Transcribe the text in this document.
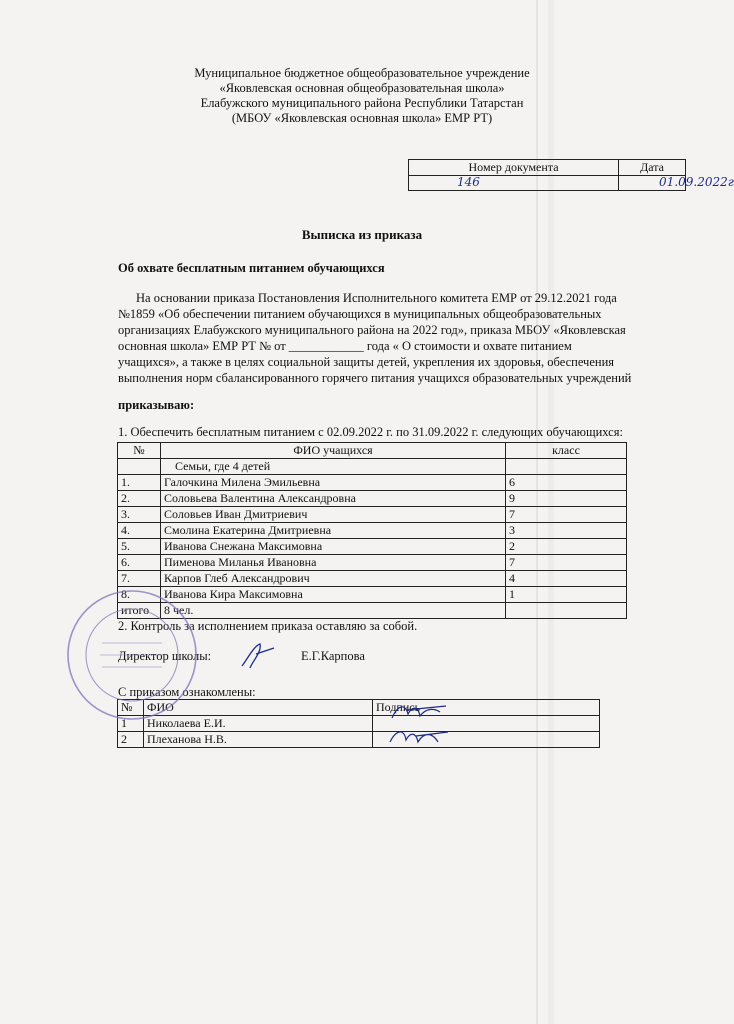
Муниципальное бюджетное общеобразовательное учреждение
«Яковлевская основная общеобразовательная школа»
Елабужского муниципального района Республики Татарстан
(МБОУ «Яковлевская основная школа» ЕМР РТ)
Номер документа	Дата

146	01.09.2022г
Выписка из приказа
Об охвате бесплатным питанием обучающихся
На основании приказа Постановления Исполнительного комитета ЕМР от 29.12.2021 года
№1859 «Об обеспечении питанием обучающихся в муниципальных общеобразовательных
организациях Елабужского муниципального района на 2022 год», приказа МБОУ «Яковлевская
основная школа» ЕМР РТ № от ____________ года « О стоимости и охвате питанием
учащихся», а также в целях социальной защиты детей, укрепления их здоровья, обеспечения
выполнения норм сбалансированного горячего питания учащихся образовательных учреждений
приказываю:
1. Обеспечить бесплатным питанием с 02.09.2022 г. по 31.09.2022 г. следующих обучающихся:
№	ФИО учащихся	класс
	Семьи, где 4 детей	
1.	Галочкина Милена Эмильевна	6
2.	Соловьева Валентина Александровна	9
3.	Соловьев Иван Дмитриевич	7
4.	Смолина Екатерина Дмитриевна	3
5.	Иванова Снежана Максимовна	2
6.	Пименова Миланья Ивановна	7
7.	Карпов Глеб Александрович	4
8.	Иванова Кира Максимовна	1
итого	8 чел.	
2. Контроль за исполнением приказа оставляю за собой.
Директор школы:	Е.Г.Карпова
С приказом ознакомлены:
№	ФИО	Подпись
1	Николаева Е.И.	
2	Плеханова Н.В.	
